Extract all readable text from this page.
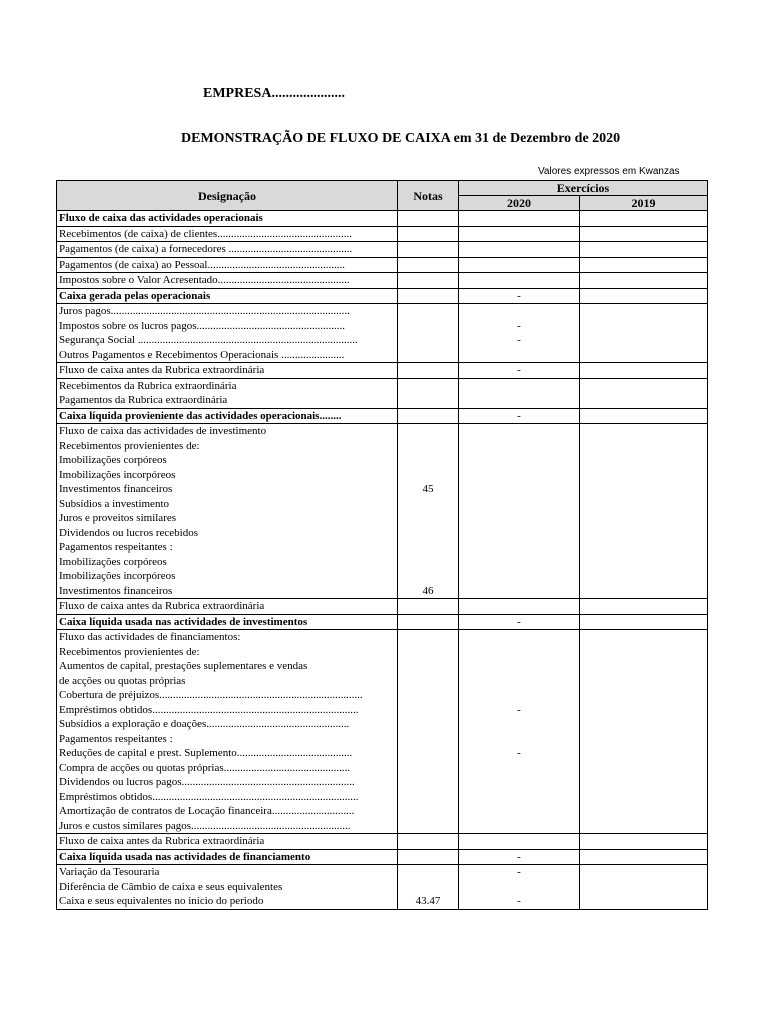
EMPRESA.....................
DEMONSTRAÇÃO DE FLUXO DE CAIXA em 31 de Dezembro de 2020
Valores expressos em Kwanzas
Designação	Notas	Exercícios	
		2020	2019
Fluxo de caixa das actividades operacionais			
Recebimentos (de caixa) de clientes.................................................			
Pagamentos (de caixa) a fornecedores .............................................			
Pagamentos (de caixa) ao Pessoal..................................................			
Impostos sobre o Valor Acresentado................................................			
Caixa gerada pelas operacionais		-	
Juros pagos.......................................................................................			
Impostos sobre os lucros pagos......................................................		-	
Segurança Social ................................................................................		-	
Outros Pagamentos e Recebimentos Operacionais .......................			
Fluxo de caixa antes da Rubrica extraordinária		-	
Recebimentos da Rubrica extraordinária			
Pagamentos da Rubrica extraordinária			
Caixa líquida provieniente das actividades operacionais........		-	
Fluxo de caixa das actividades de investimento			
Recebimentos provienientes de:			
Imobilizações corpóreos			
Imobilizações incorpóreos			
Investimentos financeiros	45		
Subsídios a investimento			
Juros e proveitos similares			
Dividendos ou lucros recebidos			
Pagamentos respeitantes :			
Imobilizações corpóreos			
Imobilizações incorpóreos			
Investimentos financeiros	46		
Fluxo de caixa antes da Rubrica extraordinária			
Caixa líquida usada nas actividades de investimentos		-	
Fluxo das actividades de financiamentos:			
Recebimentos provienientes de:			
Aumentos de capital, prestações suplementares e vendas			
de acções ou quotas próprias			
Cobertura de préjuizos..........................................................................			
Empréstimos obtidos...........................................................................		-	
Subsídios a exploração e doações....................................................			
Pagamentos respeitantes :			
Reduções de capital e prest. Suplemento..........................................		-	
Compra de acções ou quotas próprias..............................................			
Dividendos ou lucros pagos...............................................................			
Empréstimos obtidos...........................................................................			
Amortização de contratos de Locação financeira..............................			
Juros e custos similares pagos..........................................................			
Fluxo de caixa antes da Rubrica extraordinária			
Caixa líquida usada nas actividades de financiamento		-	
Variação da Tesouraria		-	
Diferência de Câmbio de caixa e seus equivalentes			
Caixa e seus equivalentes no início do periodo	43.47	-	
